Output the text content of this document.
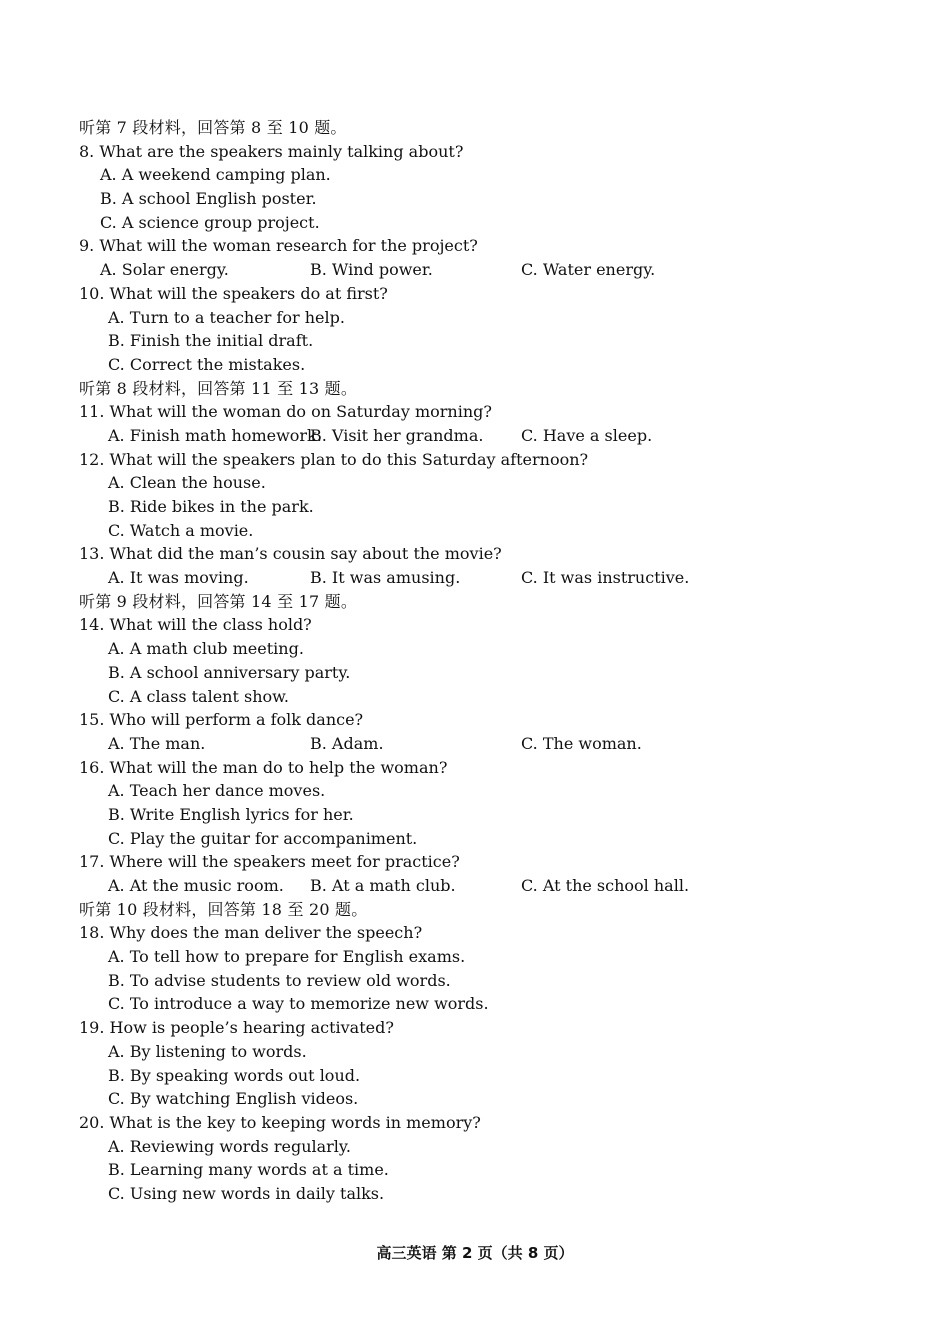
听第 7 段材料，回答第 8 至 10 题。
8. What are the speakers mainly talking about?
A. A weekend camping plan.
B. A school English poster.
C. A science group project.
9. What will the woman research for the project?
A. Solar energy.	B. Wind power.	C. Water energy.
10. What will the speakers do at first?
A. Turn to a teacher for help.
B. Finish the initial draft.
C. Correct the mistakes.
听第 8 段材料，回答第 11 至 13 题。
11. What will the woman do on Saturday morning?
A. Finish math homework.
B. Visit her grandma. C. Have a sleep.
12. What will the speakers plan to do this Saturday afternoon?
A. Clean the house.
B. Ride bikes in the park.
C. Watch a movie.
13. What did the man’s cousin say about the movie?
A. It was moving.	B. It was amusing.	C. It was instructive.
听第 9 段材料，回答第 14 至 17 题。
14. What will the class hold?
A. A math club meeting.
B. A school anniversary party.
C. A class talent show.
15. Who will perform a folk dance?
A. The man.	B. Adam.	C. The woman.
16. What will the man do to help the woman?
A. Teach her dance moves.
B. Write English lyrics for her.
C. Play the guitar for accompaniment.
17. Where will the speakers meet for practice?
A. At the music room. B. At a math club.	C. At the school hall.
听第 10 段材料，回答第 18 至 20 题。
18. Why does the man deliver the speech?
A. To tell how to prepare for English exams.
B. To advise students to review old words.
C. To introduce a way to memorize new words.
19. How is people’s hearing activated?
A. By listening to words.
B. By speaking words out loud.
C. By watching English videos.
20. What is the key to keeping words in memory?
A. Reviewing words regularly.
B. Learning many words at a time.
C. Using new words in daily talks.
高三英语 第 2 页（共 8 页）
